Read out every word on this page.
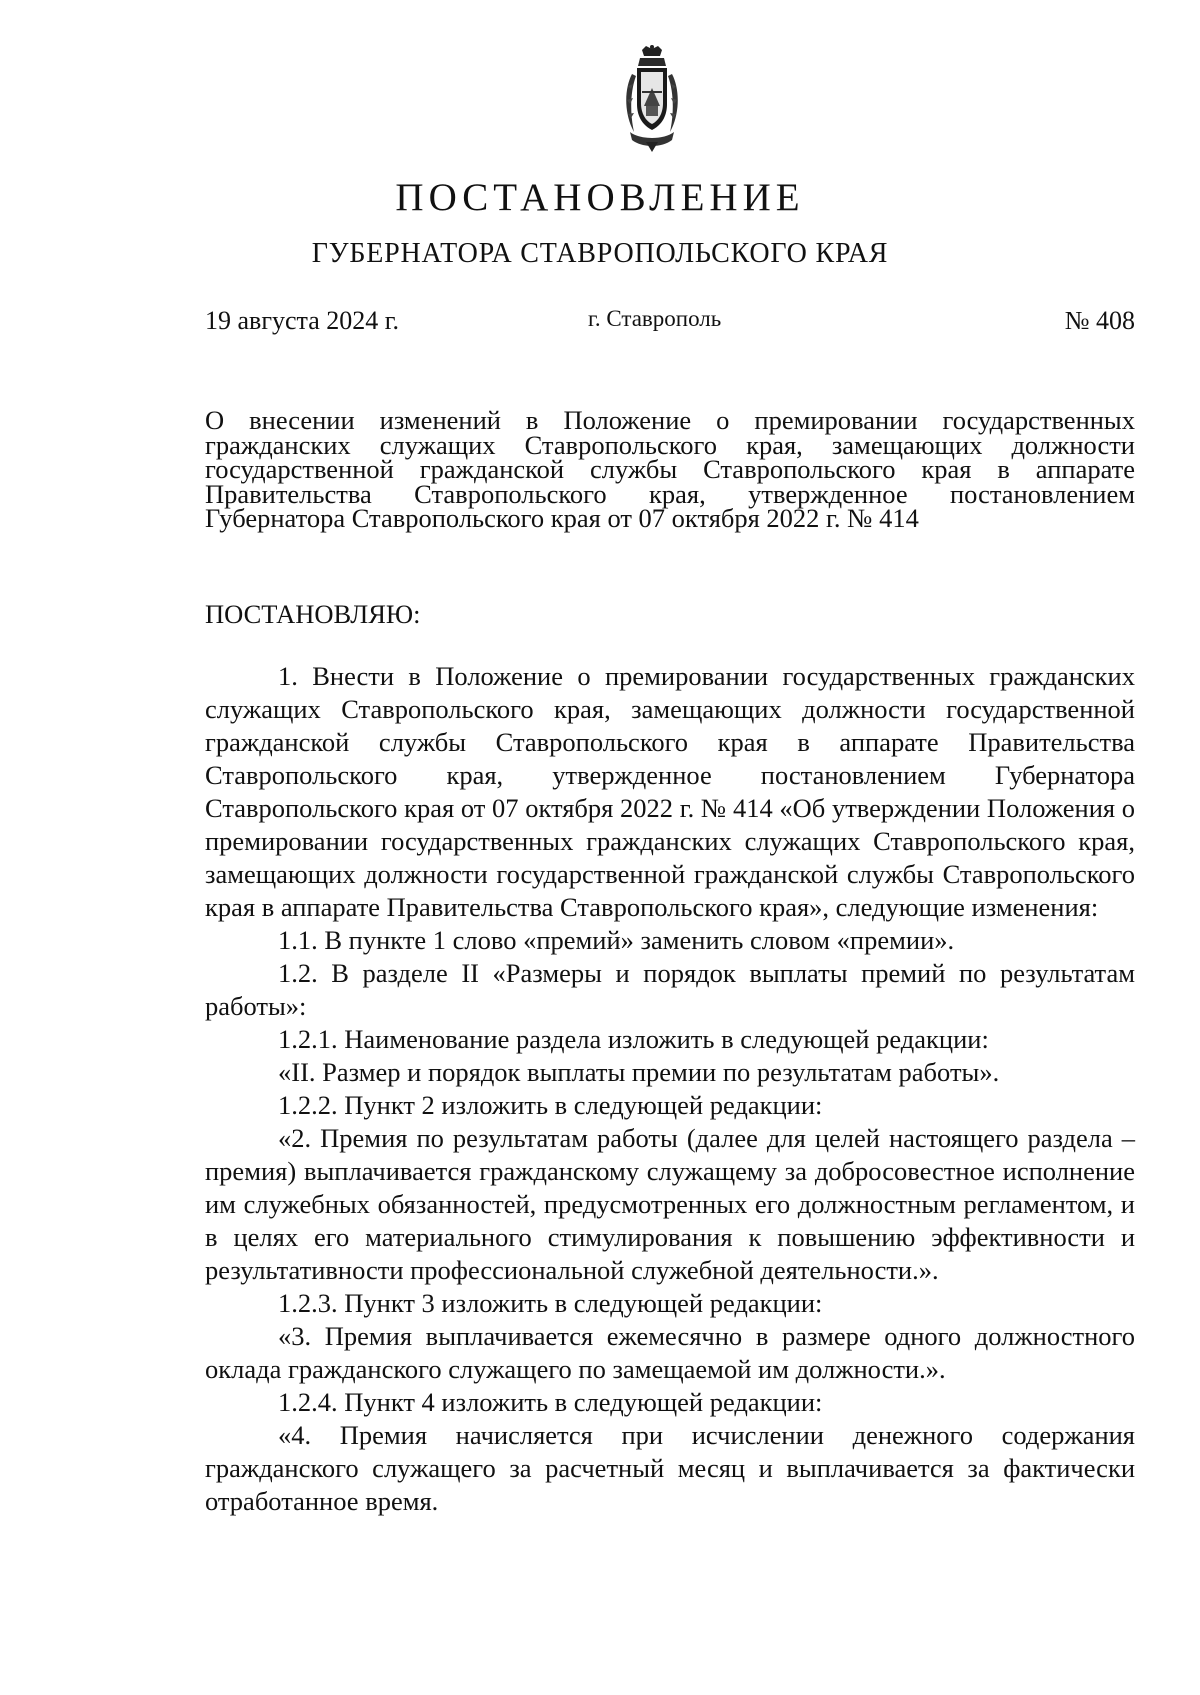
ПОСТАНОВЛЕНИЕ
ГУБЕРНАТОРА СТАВРОПОЛЬСКОГО КРАЯ
19 августа 2024 г.	г. Ставрополь	№ 408
О внесении изменений в Положение о премировании государственных гражданских служащих Ставропольского края, замещающих должности государственной гражданской службы Ставропольского края в аппарате Правительства Ставропольского края, утвержденное постановлением Губернатора Ставропольского края от 07 октября 2022 г. № 414
ПОСТАНОВЛЯЮ:

1. Внести в Положение о премировании государственных гражданских служащих Ставропольского края, замещающих должности государственной гражданской службы Ставропольского края в аппарате Правительства Ставропольского края, утвержденное постановлением Губернатора Ставропольского края от 07 октября 2022 г. № 414 «Об утверждении Положения о премировании государственных гражданских служащих Ставропольского края, замещающих должности государственной гражданской службы Ставропольского края в аппарате Правительства Ставропольского края», следующие изменения:

1.1. В пункте 1 слово «премий» заменить словом «премии».

1.2. В разделе II «Размеры и порядок выплаты премий по результатам работы»:

1.2.1. Наименование раздела изложить в следующей редакции:

«II. Размер и порядок выплаты премии по результатам работы».

1.2.2. Пункт 2 изложить в следующей редакции:

«2. Премия по результатам работы (далее для целей настоящего раздела – премия) выплачивается гражданскому служащему за добросовестное исполнение им служебных обязанностей, предусмотренных его должностным регламентом, и в целях его материального стимулирования к повышению эффективности и результативности профессиональной служебной деятельности.».

1.2.3. Пункт 3 изложить в следующей редакции:

«3. Премия выплачивается ежемесячно в размере одного должностного оклада гражданского служащего по замещаемой им должности.».

1.2.4. Пункт 4 изложить в следующей редакции:

«4. Премия начисляется при исчислении денежного содержания гражданского служащего за расчетный месяц и выплачивается за фактически отработанное время.
